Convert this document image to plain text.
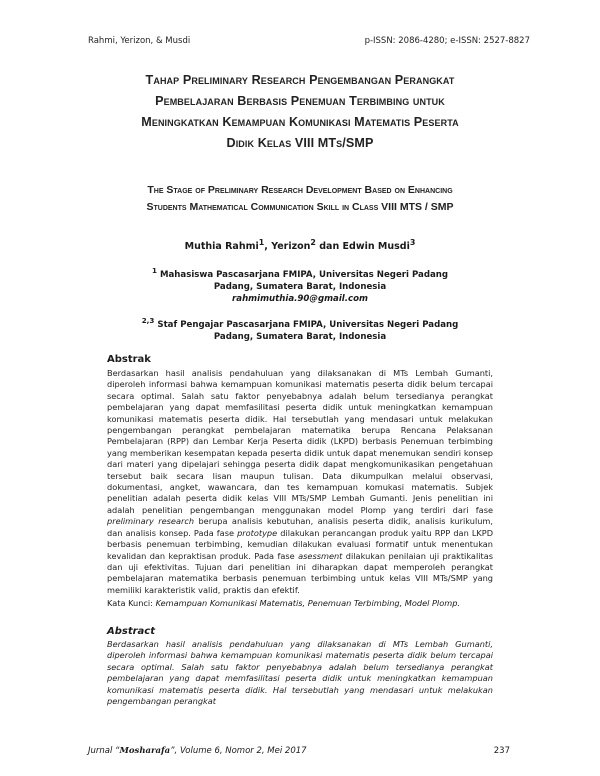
Rahmi, Yerizon, & Musdi	p-ISSN: 2086-4280; e-ISSN: 2527-8827
Tahap Preliminary Research Pengembangan Perangkat
Pembelajaran Berbasis Penemuan Terbimbing untuk
Meningkatkan Kemampuan Komunikasi Matematis Peserta
Didik Kelas VIII MTs/SMP
The Stage of Preliminary Research Development Based on Enhancing
Students Mathematical Communication Skill in Class VIII MTS / SMP
Muthia Rahmi$^1$, Yerizon$^2$ dan Edwin Musdi$^3$
$^1$ Mahasiswa Pascasarjana FMIPA, Universitas Negeri Padang
Padang, Sumatera Barat, Indonesia
rahmimuthia.90@gmail.com
$^{2,3}$ Staf Pengajar Pascasarjana FMIPA, Universitas Negeri Padang
Padang, Sumatera Barat, Indonesia
Abstrak

Berdasarkan hasil analisis pendahuluan yang dilaksanakan di MTs Lembah Gumanti, diperoleh informasi bahwa kemampuan komunikasi matematis peserta didik belum tercapai secara optimal. Salah satu faktor penyebabnya adalah belum tersedianya perangkat pembelajaran yang dapat memfasilitasi peserta didik untuk meningkatkan kemampuan komunikasi matematis peserta didik. Hal tersebutlah yang mendasari untuk melakukan pengembangan perangkat pembelajaran matematika berupa Rencana Pelaksanan Pembelajaran (RPP) dan Lembar Kerja Peserta didik (LKPD) berbasis Penemuan terbimbing yang memberikan kesempatan kepada peserta didik untuk dapat menemukan sendiri konsep dari materi yang dipelajari sehingga peserta didik dapat mengkomunikasikan pengetahuan tersebut baik secara lisan maupun tulisan. Data dikumpulkan melalui observasi, dokumentasi, angket, wawancara, dan tes kemampuan komukasi matematis. Subjek penelitian adalah peserta didik kelas VIII MTs/SMP Lembah Gumanti. Jenis penelitian ini adalah penelitian pengembangan menggunakan model Plomp yang terdiri dari fase preliminary research berupa analisis kebutuhan, analisis peserta didik, analisis kurikulum, dan analisis konsep. Pada fase prototype dilakukan perancangan produk yaitu RPP dan LKPD berbasis penemuan terbimbing, kemudian dilakukan evaluasi formatif untuk menentukan kevalidan dan kepraktisan produk. Pada fase asessment dilakukan penilaian uji praktikalitas dan uji efektivitas. Tujuan dari penelitian ini diharapkan dapat memperoleh perangkat pembelajaran matematika berbasis penemuan terbimbing untuk kelas VIII MTs/SMP yang memiliki karakteristik valid, praktis dan efektif.

Kata Kunci: Kemampuan Komunikasi Matematis, Penemuan Terbimbing, Model Plomp.
Abstract

Berdasarkan hasil analisis pendahuluan yang dilaksanakan di MTs Lembah Gumanti, diperoleh informasi bahwa kemampuan komunikasi matematis peserta didik belum tercapai secara optimal. Salah satu faktor penyebabnya adalah belum tersedianya perangkat pembelajaran yang dapat memfasilitasi peserta didik untuk meningkatkan kemampuan komunikasi matematis peserta didik. Hal tersebutlah yang mendasari untuk melakukan pengembangan perangkat

Jurnal “Mosharafa”, Volume 6, Nomor 2, Mei 2017	237
